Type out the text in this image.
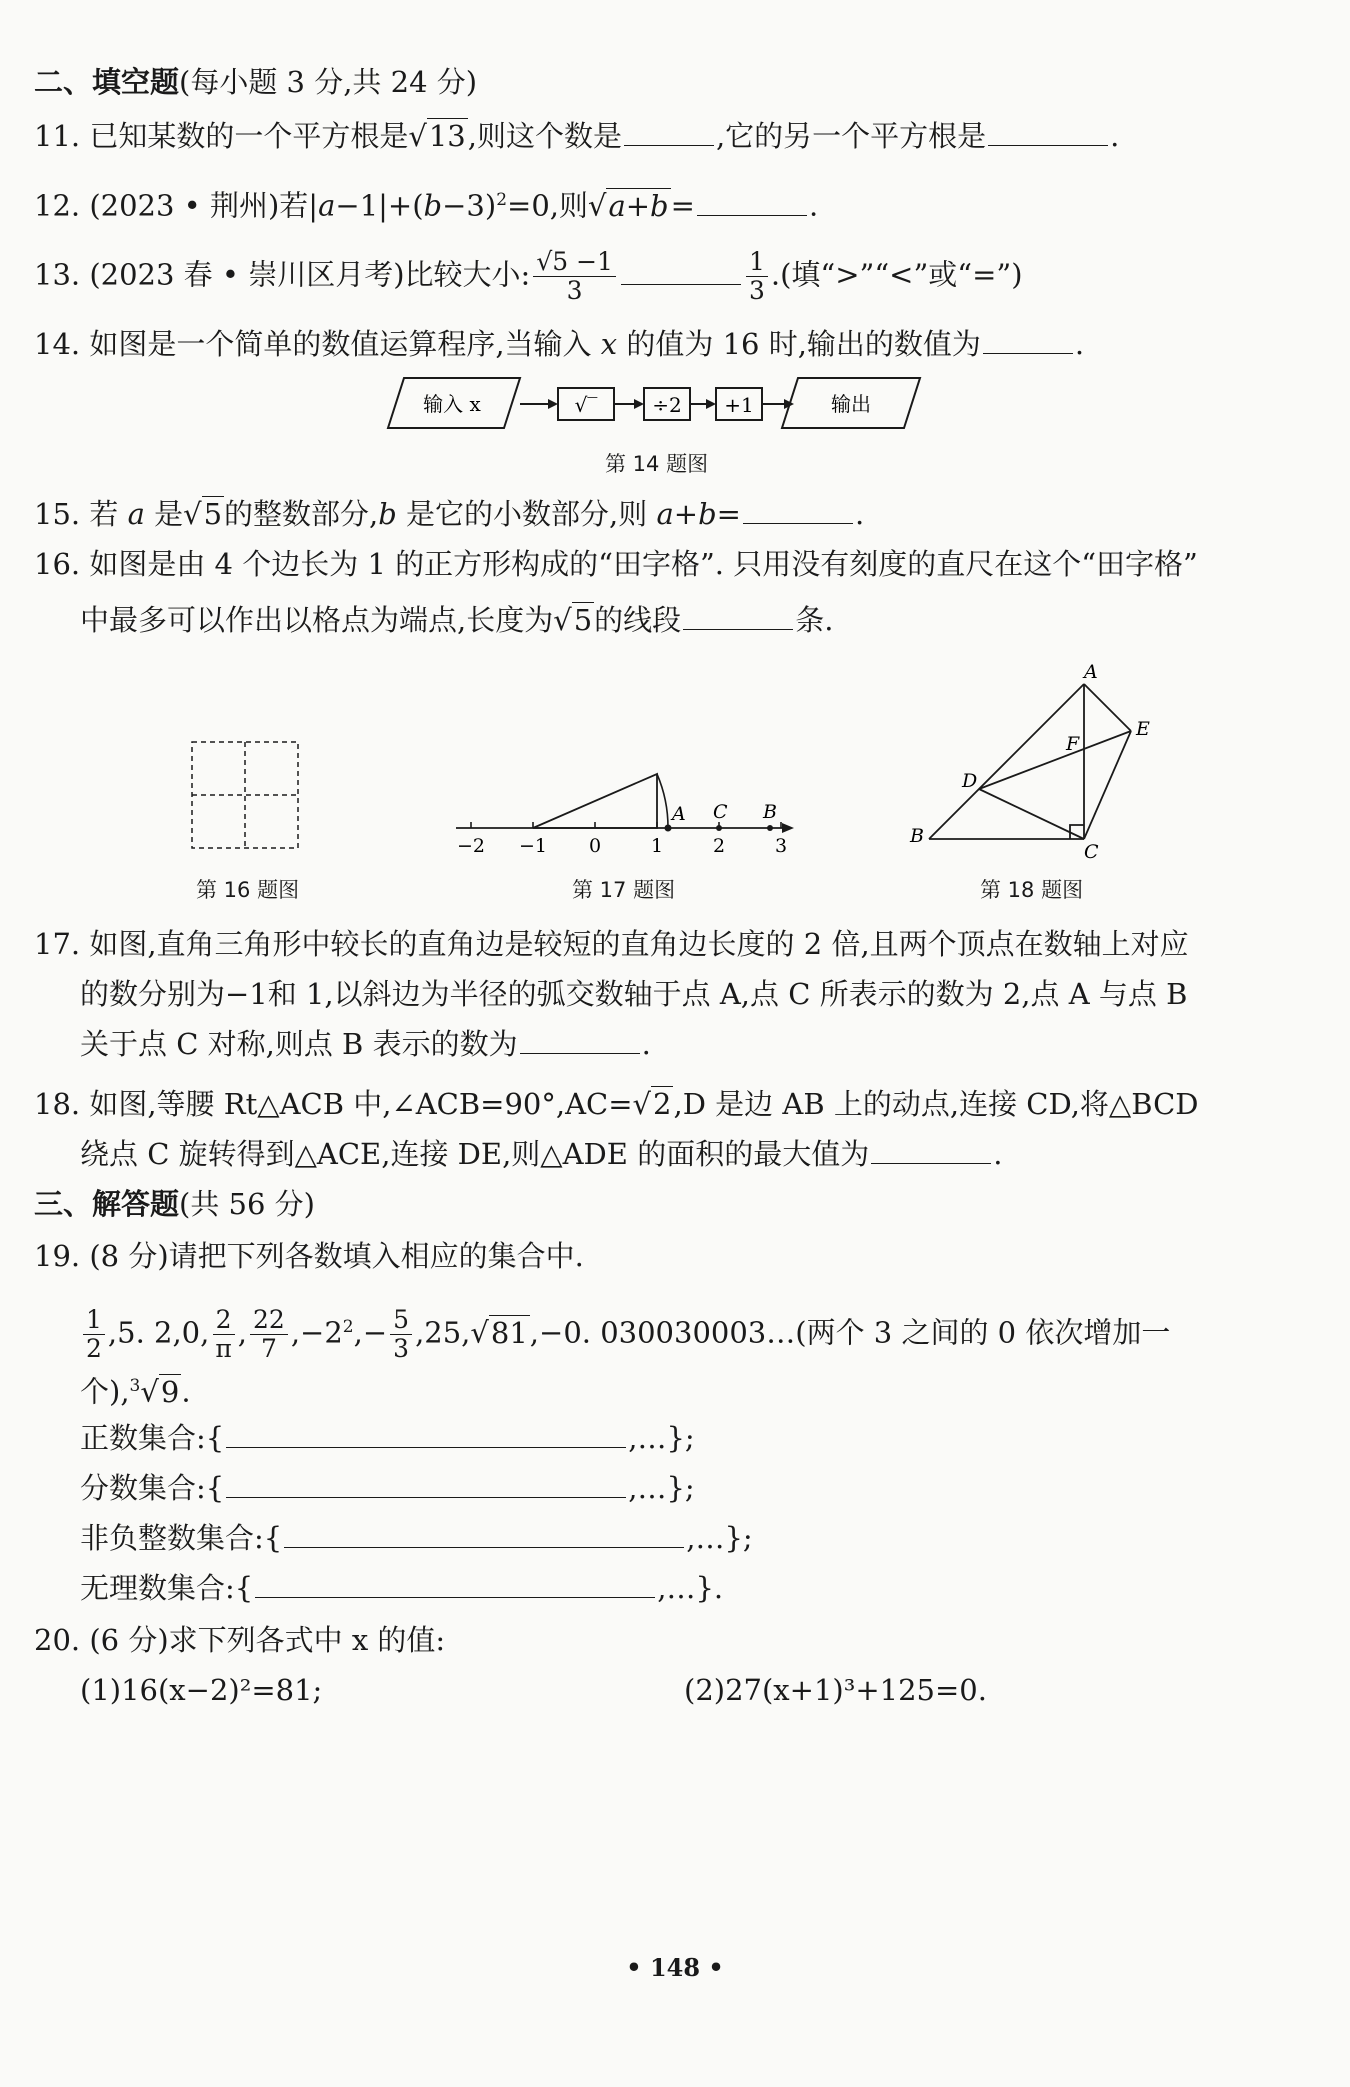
二、填空题(每小题 3 分,共 24 分)
11. 已知某数的一个平方根是√13,则这个数是	,它的另一个平方根是	.
12. (2023 • 荆州)若$|a-1|+(b-3)^2=0$,则√a+b=	.
13. (2023 春 • 崇川区月考)比较大小: $\frac{√5 -1}{3}$	$\frac{1}{3}$ .(填“>”“<”或“=”)
14. 如图是一个简单的数值运算程序,当输入 x 的值为 16 时,输出的数值为	.
输入 x	√‾	÷2 +1	输出
第 14 题图
15. 若 a 是√5的整数部分,b 是它的小数部分,则 a+b=	.
16. 如图是由 4 个边长为 1 的正方形构成的“田字格”. 只用没有刻度的直尺在这个“田字格”
中最多可以作出以格点为端点,长度为√5的线段	条.
A C B
−2 −1 0	1	2	3
A
B
C
D
E
F
第 16 题图	第 17 题图	第 18 题图
17. 如图,直角三角形中较长的直角边是较短的直角边长度的 2 倍,且两个顶点在数轴上对应
的数分别为−1和 1,以斜边为半径的弧交数轴于点 A,点 C 所表示的数为 2,点 A 与点 B
关于点 C 对称,则点 B 表示的数为	.
18. 如图,等腰 Rt△ACB 中,∠ACB=90°,AC=√2,D 是边 AB 上的动点,连接 CD,将△BCD
绕点 C 旋转得到△ACE,连接 DE,则△ADE 的面积的最大值为	.
三、解答题(共 56 分)
19. (8 分)请把下列各数填入相应的集合中.
$\frac{1}{2} ,5$. 2,0, $\frac{2}{\pi}$ , $\frac{22}{7} ,-2^2,- \frac{5}{3} ,25,√81,-0$. 030030003…(两个 3 之间的 0 依次增加一
个),$^3$√9.
正数集合:{	,…};
分数集合:{	,…};
非负整数集合:{	,…};
无理数集合:{	,…}.
20. (6 分)求下列各式中 x 的值:
(1)16(x−2)²=81;	(2)27(x+1)³+125=0.
• 148 •
